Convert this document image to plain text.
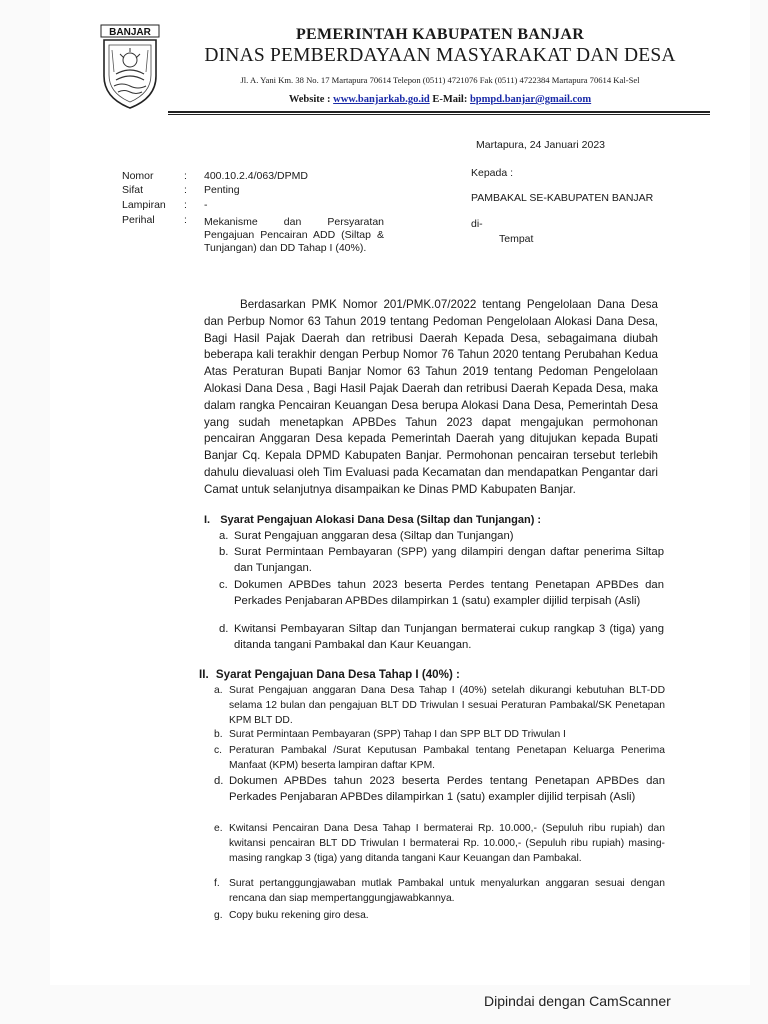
BANJAR	PEMERINTAH KABUPATEN BANJAR
DINAS PEMBERDAYAAN MASYARAKAT DAN DESA
Jl. A. Yani Km. 38 No. 17 Martapura 70614 Telepon (0511) 4721076 Fak (0511) 4722384 Martapura 70614 Kal-Sel
Website : www.banjarkab.go.id E-Mail: bpmpd.banjar@gmail.com
Martapura, 24 Januari 2023
Kepada :
PAMBAKAL SE-KABUPATEN BANJAR
di-
Tempat
Nomor	: 400.10.2.4/063/DPMD
Sifat	: Penting
Lampiran	: -
Perihal	: Mekanisme dan Persyaratan Pengajuan Pencairan ADD (Siltap & Tunjangan) dan DD Tahap I (40%).
Berdasarkan PMK Nomor 201/PMK.07/2022 tentang Pengelolaan Dana Desa dan Perbup Nomor 63 Tahun 2019 tentang Pedoman Pengelolaan Alokasi Dana Desa, Bagi Hasil Pajak Daerah dan retribusi Daerah Kepada Desa, sebagaimana diubah beberapa kali terakhir dengan Perbup Nomor 76 Tahun 2020 tentang Perubahan Kedua Atas Peraturan Bupati Banjar Nomor 63 Tahun 2019 tentang Pedoman Pengelolaan Alokasi Dana Desa , Bagi Hasil Pajak Daerah dan retribusi Daerah Kepada Desa, maka dalam rangka Pencairan Keuangan Desa berupa Alokasi Dana Desa, Pemerintah Desa yang sudah menetapkan APBDes Tahun 2023 dapat mengajukan permohonan pencairan Anggaran Desa kepada Pemerintah Daerah yang ditujukan kepada Bupati Banjar Cq. Kepala DPMD Kabupaten Banjar. Permohonan pencairan tersebut terlebih dahulu dievaluasi oleh Tim Evaluasi pada Kecamatan dan mendapatkan Pengantar dari Camat untuk selanjutnya disampaikan ke Dinas PMD Kabupaten Banjar.
I. Syarat Pengajuan Alokasi Dana Desa (Siltap dan Tunjangan) :
a. Surat Pengajuan anggaran desa (Siltap dan Tunjangan)
b. Surat Permintaan Pembayaran (SPP) yang dilampiri dengan daftar penerima Siltap dan Tunjangan.
c. Dokumen APBDes tahun 2023 beserta Perdes tentang Penetapan APBDes dan Perkades Penjabaran APBDes dilampirkan 1 (satu) exampler dijilid terpisah (Asli)
d. Kwitansi Pembayaran Siltap dan Tunjangan bermaterai cukup rangkap 3 (tiga) yang ditanda tangani Pambakal dan Kaur Keuangan.
II. Syarat Pengajuan Dana Desa Tahap I (40%) :
a. Surat Pengajuan anggaran Dana Desa Tahap I (40%) setelah dikurangi kebutuhan BLT-DD selama 12 bulan dan pengajuan BLT DD Triwulan I sesuai Peraturan Pambakal/SK Penetapan KPM BLT DD.
b. Surat Permintaan Pembayaran (SPP) Tahap I dan SPP BLT DD Triwulan I
c. Peraturan Pambakal /Surat Keputusan Pambakal tentang Penetapan Keluarga Penerima Manfaat (KPM) beserta lampiran daftar KPM.
d. Dokumen APBDes tahun 2023 beserta Perdes tentang Penetapan APBDes dan Perkades Penjabaran APBDes dilampirkan 1 (satu) exampler dijilid terpisah (Asli)
e. Kwitansi Pencairan Dana Desa Tahap I bermaterai Rp. 10.000,- (Sepuluh ribu rupiah) dan kwitansi pencairan BLT DD Triwulan I bermaterai Rp. 10.000,- (Sepuluh ribu rupiah) masing-masing rangkap 3 (tiga) yang ditanda tangani Kaur Keuangan dan Pambakal.
f. Surat pertanggungjawaban mutlak Pambakal untuk menyalurkan anggaran sesuai dengan rencana dan siap mempertanggungjawabkannya.
g. Copy buku rekening giro desa.
Dipindai dengan CamScanner
